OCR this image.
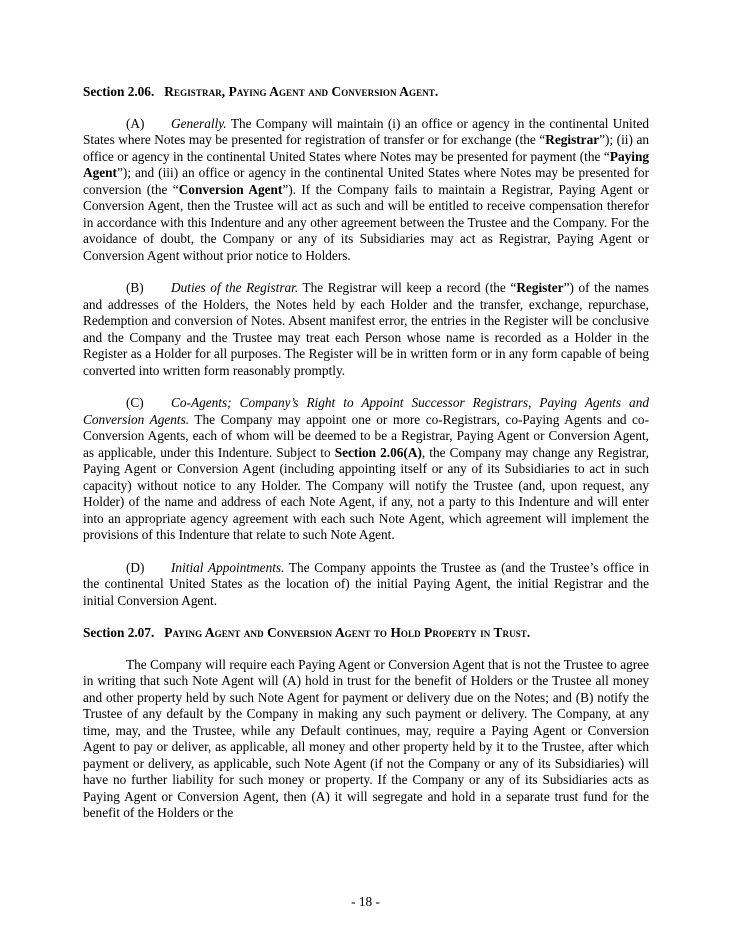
Section 2.06. Registrar, Paying Agent and Conversion Agent.

(A) Generally. The Company will maintain (i) an office or agency in the continental United States where Notes may be presented for registration of transfer or for exchange (the “Registrar”); (ii) an office or agency in the continental United States where Notes may be presented for payment (the “Paying Agent”); and (iii) an office or agency in the continental United States where Notes may be presented for conversion (the “Conversion Agent”). If the Company fails to maintain a Registrar, Paying Agent or Conversion Agent, then the Trustee will act as such and will be entitled to receive compensation therefor in accordance with this Indenture and any other agreement between the Trustee and the Company. For the avoidance of doubt, the Company or any of its Subsidiaries may act as Registrar, Paying Agent or Conversion Agent without prior notice to Holders.

(B) Duties of the Registrar. The Registrar will keep a record (the “Register”) of the names and addresses of the Holders, the Notes held by each Holder and the transfer, exchange, repurchase, Redemption and conversion of Notes. Absent manifest error, the entries in the Register will be conclusive and the Company and the Trustee may treat each Person whose name is recorded as a Holder in the Register as a Holder for all purposes. The Register will be in written form or in any form capable of being converted into written form reasonably promptly.

(C) Co-Agents; Company’s Right to Appoint Successor Registrars, Paying Agents and Conversion Agents. The Company may appoint one or more co-Registrars, co-Paying Agents and co-Conversion Agents, each of whom will be deemed to be a Registrar, Paying Agent or Conversion Agent, as applicable, under this Indenture. Subject to Section 2.06(A), the Company may change any Registrar, Paying Agent or Conversion Agent (including appointing itself or any of its Subsidiaries to act in such capacity) without notice to any Holder. The Company will notify the Trustee (and, upon request, any Holder) of the name and address of each Note Agent, if any, not a party to this Indenture and will enter into an appropriate agency agreement with each such Note Agent, which agreement will implement the provisions of this Indenture that relate to such Note Agent.

(D) Initial Appointments. The Company appoints the Trustee as (and the Trustee’s office in the continental United States as the location of) the initial Paying Agent, the initial Registrar and the initial Conversion Agent.

Section 2.07. Paying Agent and Conversion Agent to Hold Property in Trust.

The Company will require each Paying Agent or Conversion Agent that is not the Trustee to agree in writing that such Note Agent will (A) hold in trust for the benefit of Holders or the Trustee all money and other property held by such Note Agent for payment or delivery due on the Notes; and (B) notify the Trustee of any default by the Company in making any such payment or delivery. The Company, at any time, may, and the Trustee, while any Default continues, may, require a Paying Agent or Conversion Agent to pay or deliver, as applicable, all money and other property held by it to the Trustee, after which payment or delivery, as applicable, such Note Agent (if not the Company or any of its Subsidiaries) will have no further liability for such money or property. If the Company or any of its Subsidiaries acts as Paying Agent or Conversion Agent, then (A) it will segregate and hold in a separate trust fund for the benefit of the Holders or the

- 18 -
